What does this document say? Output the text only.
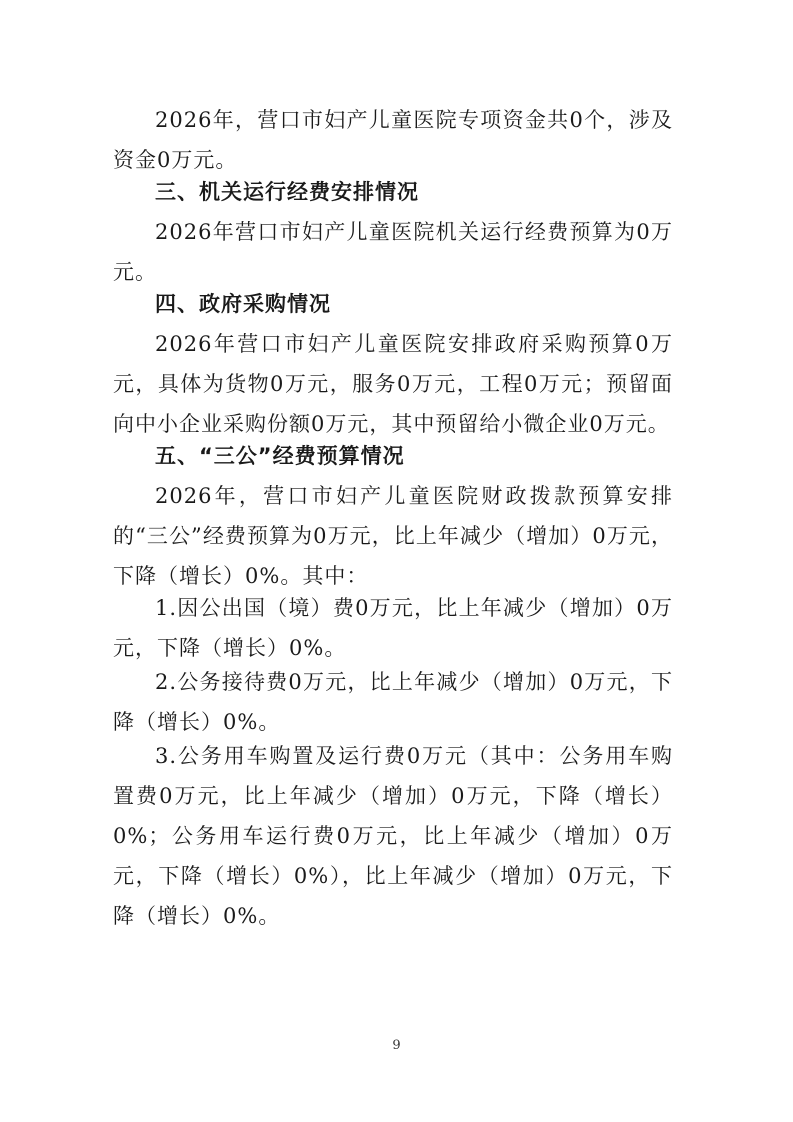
2026年，营口市妇产儿童医院专项资金共0个，涉及资金0万元。

三、机关运行经费安排情况

2026年营口市妇产儿童医院机关运行经费预算为0万元。

四、政府采购情况

2026年营口市妇产儿童医院安排政府采购预算0万元，具体为货物0万元，服务0万元，工程0万元；预留面向中小企业采购份额0万元，其中预留给小微企业0万元。

五、“三公”经费预算情况

2026年，营口市妇产儿童医院财政拨款预算安排的“三公”经费预算为0万元，比上年减少（增加）0万元，下降（增长）0%。其中：

1.因公出国（境）费0万元，比上年减少（增加）0万元，下降（增长）0%。

2.公务接待费0万元，比上年减少（增加）0万元，下降（增长）0%。

3.公务用车购置及运行费0万元（其中：公务用车购置费0万元，比上年减少（增加）0万元，下降（增长）0%；公务用车运行费0万元，比上年减少（增加）0万元，下降（增长）0%），比上年减少（增加）0万元，下降（增长）0%。

9
